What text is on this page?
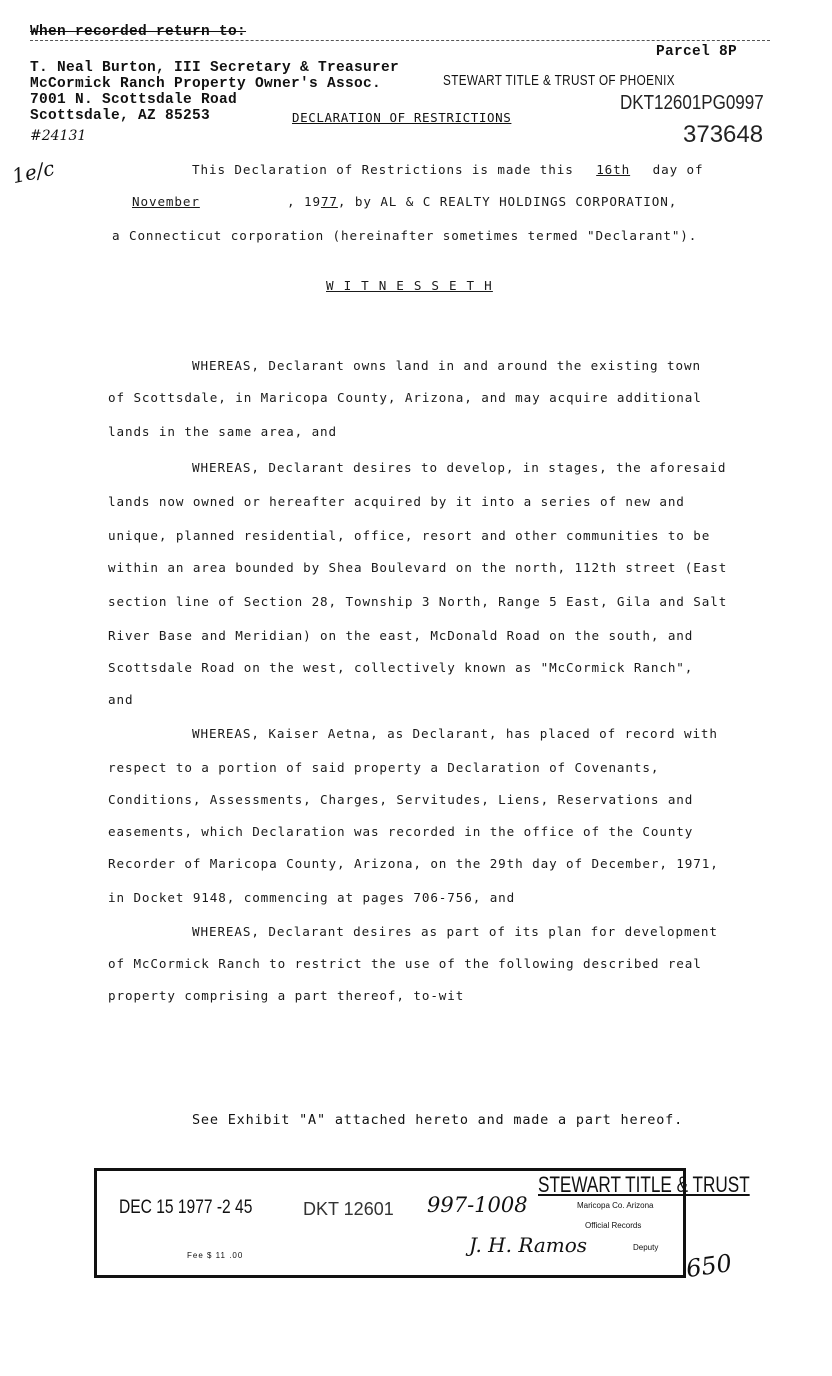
When recorded return to:
Parcel 8P
T. Neal Burton, III Secretary & Treasurer
McCormick Ranch Property Owner's Assoc.
7001 N. Scottsdale Road
Scottsdale, AZ 85253
STEWART TITLE & TRUST OF PHOENIX
DKT12601PG0997
373648
#24131
1e/c
DECLARATION OF RESTRICTIONS
This Declaration of Restrictions is made this 16th day of
November	, 1977, by AL & C REALTY HOLDINGS CORPORATION,
a Connecticut corporation (hereinafter sometimes termed "Declarant").
W I T N E S S E T H
WHEREAS, Declarant owns land in and around the existing town
of Scottsdale, in Maricopa County, Arizona, and may acquire additional
lands in the same area, and
WHEREAS, Declarant desires to develop, in stages, the aforesaid
lands now owned or hereafter acquired by it into a series of new and
unique, planned residential, office, resort and other communities to be
within an area bounded by Shea Boulevard on the north, 112th street (East
section line of Section 28, Township 3 North, Range 5 East, Gila and Salt
River Base and Meridian) on the east, McDonald Road on the south, and
Scottsdale Road on the west, collectively known as "McCormick Ranch",
and
WHEREAS, Kaiser Aetna, as Declarant, has placed of record with
respect to a portion of said property a Declaration of Covenants,
Conditions, Assessments, Charges, Servitudes, Liens, Reservations and
easements, which Declaration was recorded in the office of the County
Recorder of Maricopa County, Arizona, on the 29th day of December, 1971,
in Docket 9148, commencing at pages 706-756, and
WHEREAS, Declarant desires as part of its plan for development
of McCormick Ranch to restrict the use of the following described real
property comprising a part thereof, to-wit
See Exhibit "A" attached hereto and made a part hereof.
DEC 15 1977 -2 45	DKT 12601 997-1008	Maricopa Co. Arizona
Official Records
Fee $ 11 .00	J. H. Ramos	Deputy
STEWART TITLE & TRUST
650
